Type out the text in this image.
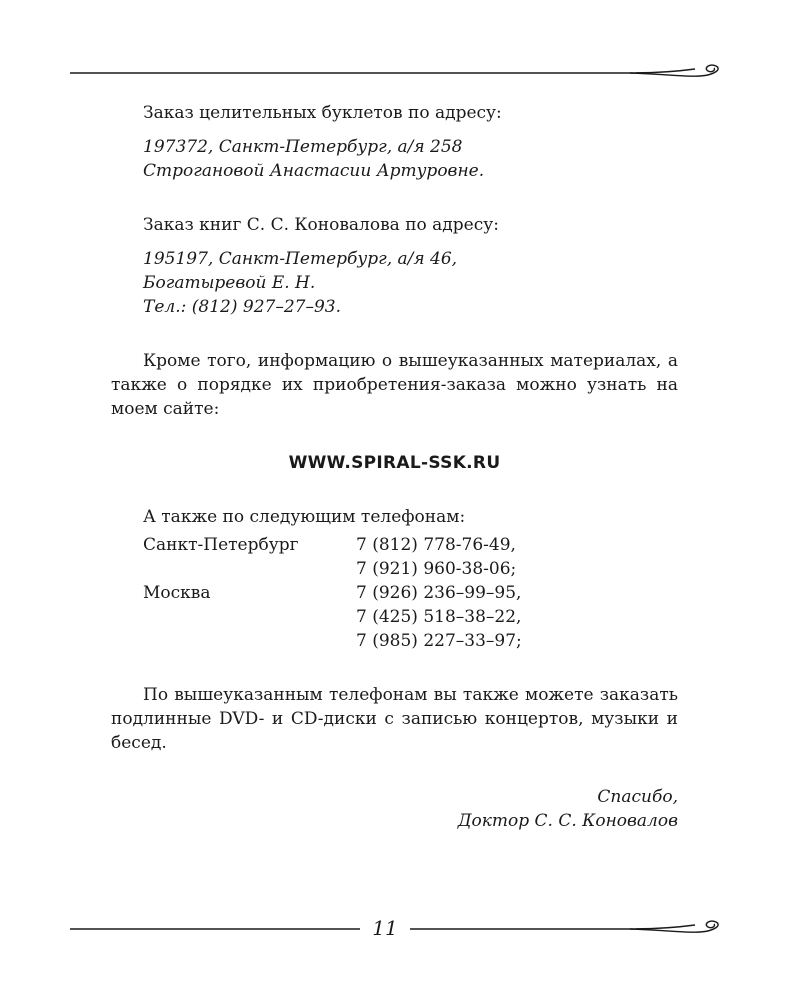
Заказ целительных буклетов по адресу:

197372, Санкт-Петербург, а/я 258

Строгановой Анастасии Артуровне.

Заказ книг С. С. Коновалова по адресу:

195197, Санкт-Петербург, а/я 46,

Богатыревой Е. Н.

Тел.: (812) 927–27–93.

Кроме того, информацию о вышеуказанных материалах, а также о порядке их приобретения-заказа можно узнать на моем сайте:

WWW.SPIRAL-SSK.RU

А также по следующим телефонам:

Санкт-Петербург	7 (812) 778-76-49,
7 (921) 960-38-06;
Москва	7 (926) 236–99–95,
7 (425) 518–38–22,
7 (985) 227–33–97;

По вышеуказанным телефонам вы также можете заказать подлинные DVD- и CD-диски с записью концертов, музыки и бесед.

Спасибо,

Доктор С. С. Коновалов

11
